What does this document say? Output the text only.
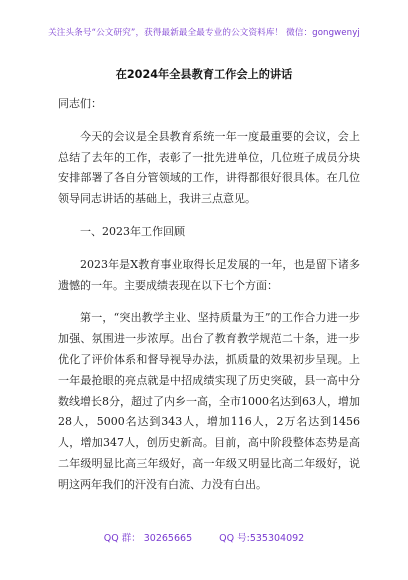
关注头条号“公文研究”，获得最新最全最专业的公文资料库！ 微信：gongwenyj
在2024年全县教育工作会上的讲话

同志们：

今天的会议是全县教育系统一年一度最重要的会议，会上总结了去年的工作，表彰了一批先进单位，几位班子成员分块安排部署了各自分管领域的工作，讲得都很好很具体。在几位领导同志讲话的基础上，我讲三点意见。

一、2023年工作回顾

2023年是X教育事业取得长足发展的一年，也是留下诸多遗憾的一年。主要成绩表现在以下七个方面：

第一，“突出教学主业、坚持质量为王”的工作合力进一步加强、氛围进一步浓厚。出台了教育教学规范二十条，进一步优化了评价体系和督导视导办法，抓质量的效果初步呈现。上一年最抢眼的亮点就是中招成绩实现了历史突破，县一高中分数线增长8分，超过了内乡一高，全市1000名达到63人，增加28人，5000名达到343人，增加116人，2万名达到1456人，增加347人，创历史新高。目前，高中阶段整体态势是高二年级明显比高三年级好，高一年级又明显比高二年级好，说明这两年我们的汗没有白流、力没有白出。

QQ 群： 30265665	QQ 号:535304092
